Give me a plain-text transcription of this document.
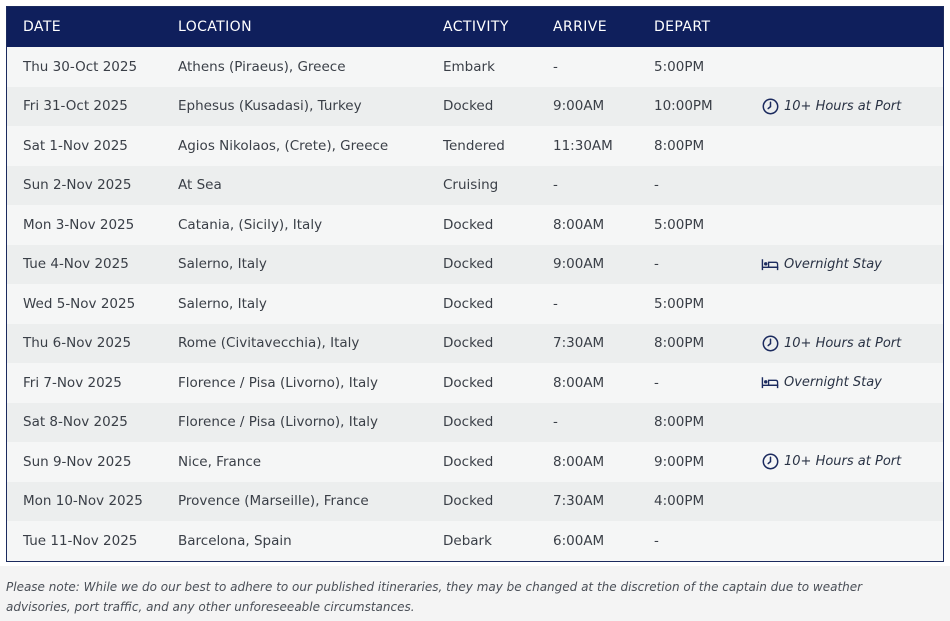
DATE	LOCATION	ACTIVITY	ARRIVE	DEPART
Thu 30-Oct 2025	Athens (Piraeus), Greece	Embark	-	5:00PM
Fri 31-Oct 2025	Ephesus (Kusadasi), Turkey	Docked	9:00AM	10:00PM	10+ Hours at Port
Sat 1-Nov 2025	Agios Nikolaos, (Crete), Greece	Tendered	11:30AM	8:00PM
Sun 2-Nov 2025	At Sea	Cruising	-	-
Mon 3-Nov 2025	Catania, (Sicily), Italy	Docked	8:00AM	5:00PM
Tue 4-Nov 2025	Salerno, Italy	Docked	9:00AM	-	Overnight Stay
Wed 5-Nov 2025	Salerno, Italy	Docked	-	5:00PM
Thu 6-Nov 2025	Rome (Civitavecchia), Italy	Docked	7:30AM	8:00PM	10+ Hours at Port
Fri 7-Nov 2025	Florence / Pisa (Livorno), Italy	Docked	8:00AM	-	Overnight Stay
Sat 8-Nov 2025	Florence / Pisa (Livorno), Italy	Docked	-	8:00PM
Sun 9-Nov 2025	Nice, France	Docked	8:00AM	9:00PM	10+ Hours at Port
Mon 10-Nov 2025	Provence (Marseille), France	Docked	7:30AM	4:00PM
Tue 11-Nov 2025	Barcelona, Spain	Debark	6:00AM	-
Please note: While we do our best to adhere to our published itineraries, they may be changed at the discretion of the captain due to weather advisories, port traffic, and any other unforeseeable circumstances.
